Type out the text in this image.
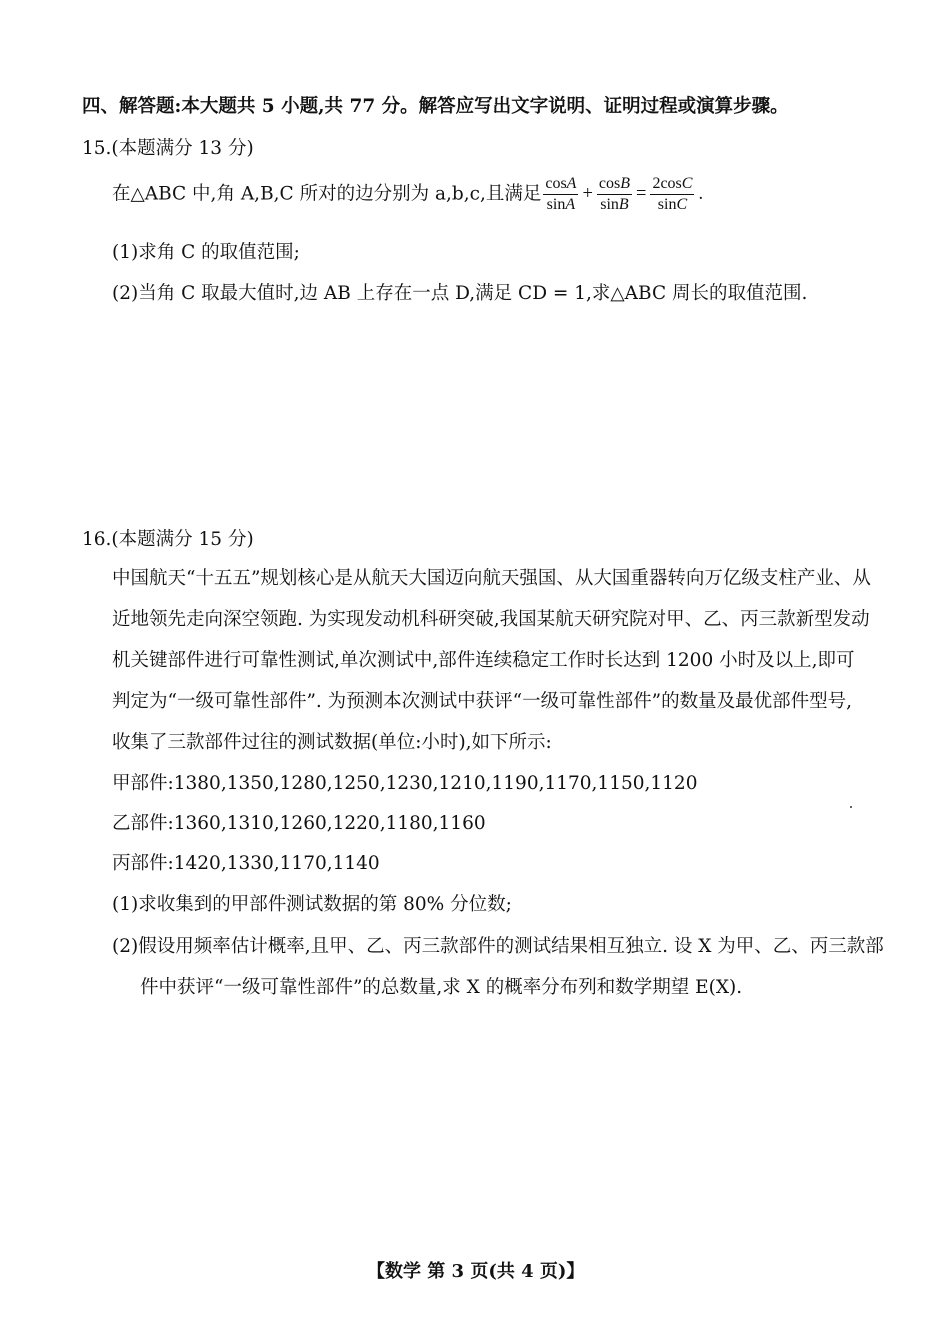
四、解答题:本大题共 5 小题,共 77 分。解答应写出文字说明、证明过程或演算步骤。
15.(本题满分 13 分)
在△ABC 中,角 A,B,C 所对的边分别为 a,b,c,且满足 $\frac{\cos A}{\sin A} + \frac{\cos B}{\sin B} = \frac{2\cos C}{\sin C}$ .
(1)求角 C 的取值范围;
(2)当角 C 取最大值时,边 AB 上存在一点 D,满足 CD = 1,求△ABC 周长的取值范围.
16.(本题满分 15 分)
中国航天“十五五”规划核心是从航天大国迈向航天强国、从大国重器转向万亿级支柱产业、从
近地领先走向深空领跑. 为实现发动机科研突破,我国某航天研究院对甲、乙、丙三款新型发动
机关键部件进行可靠性测试,单次测试中,部件连续稳定工作时长达到 1200 小时及以上,即可
判定为“一级可靠性部件”. 为预测本次测试中获评“一级可靠性部件”的数量及最优部件型号,
收集了三款部件过往的测试数据(单位:小时),如下所示:
甲部件:1380,1350,1280,1250,1230,1210,1190,1170,1150,1120
乙部件:1360,1310,1260,1220,1180,1160
丙部件:1420,1330,1170,1140
(1)求收集到的甲部件测试数据的第 80% 分位数;
(2)假设用频率估计概率,且甲、乙、丙三款部件的测试结果相互独立. 设 X 为甲、乙、丙三款部
件中获评“一级可靠性部件”的总数量,求 X 的概率分布列和数学期望 E(X).
【数学 第 3 页(共 4 页)】
